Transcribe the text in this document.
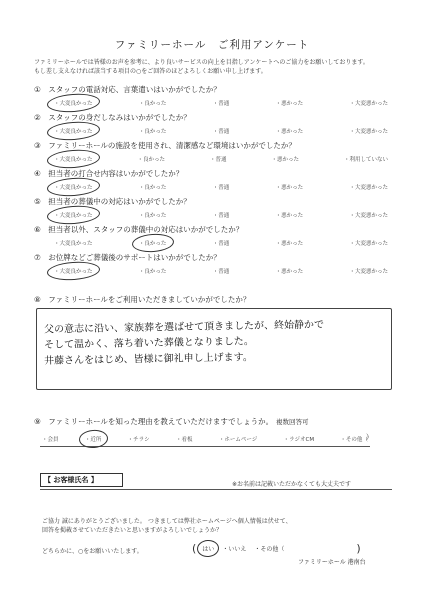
ファミリーホール　ご利用アンケート
ファミリーホールでは皆様のお声を参考に、より良いサービスの向上を目指しアンケートへのご協力をお願いしております。
もし差し支えなければ該当する項目の○をご回答のほどよろしくお願い申し上げます。
①　スタッフの電話対応、言葉遣いはいかがでしたか？
・大変良かった	・良かった	・普通	・悪かった	・大変悪かった
②　スタッフの身だしなみはいかがでしたか？
・大変良かった	・良かった	・普通	・悪かった	・大変悪かった
③　ファミリーホールの施設を使用され、清潔感など環境はいかがでしたか？
・大変良かった	・良かった	・普通	・悪かった	・利用していない
④　担当者の打合せ内容はいかがでしたか？
・大変良かった	・良かった	・普通	・悪かった	・大変悪かった
⑤　担当者の葬儀中の対応はいかがでしたか？
・大変良かった	・良かった	・普通	・悪かった	・大変悪かった
⑥　担当者以外、スタッフの葬儀中の対応はいかがでしたか？
・大変良かった	・良かった	・普通	・悪かった	・大変悪かった
⑦　お位牌などご葬儀後のサポートはいかがでしたか？
・大変良かった	・良かった	・普通	・悪かった	・大変悪かった
⑧　ファミリーホールをご利用いただきましていかがでしたか？
父の意志に沿い、家族葬を選ばせて頂きましたが、終始静かで
そして温かく、落ち着いた葬儀となりました。
井藤さんをはじめ、皆様に御礼申し上げます。
⑨　ファミリーホールを知った理由を教えていただけますでしょうか。 複数回答可
・会員	・近所	・チラシ	・看板	・ホームページ	・ラジオCM	・その他（
）
【 お客様氏名 】
※お名前は記載いただかなくても大丈夫です
ご協力 誠にありがとうございました。 つきましては弊社ホームページへ個人情報は伏せて、
回答を掲載させていただきたいと思いますがよろしいでしょうか？
どちらかに、○をお願いいたします。	(	はい	・いいえ	・その他（	)
ファミリーホール 港南台
